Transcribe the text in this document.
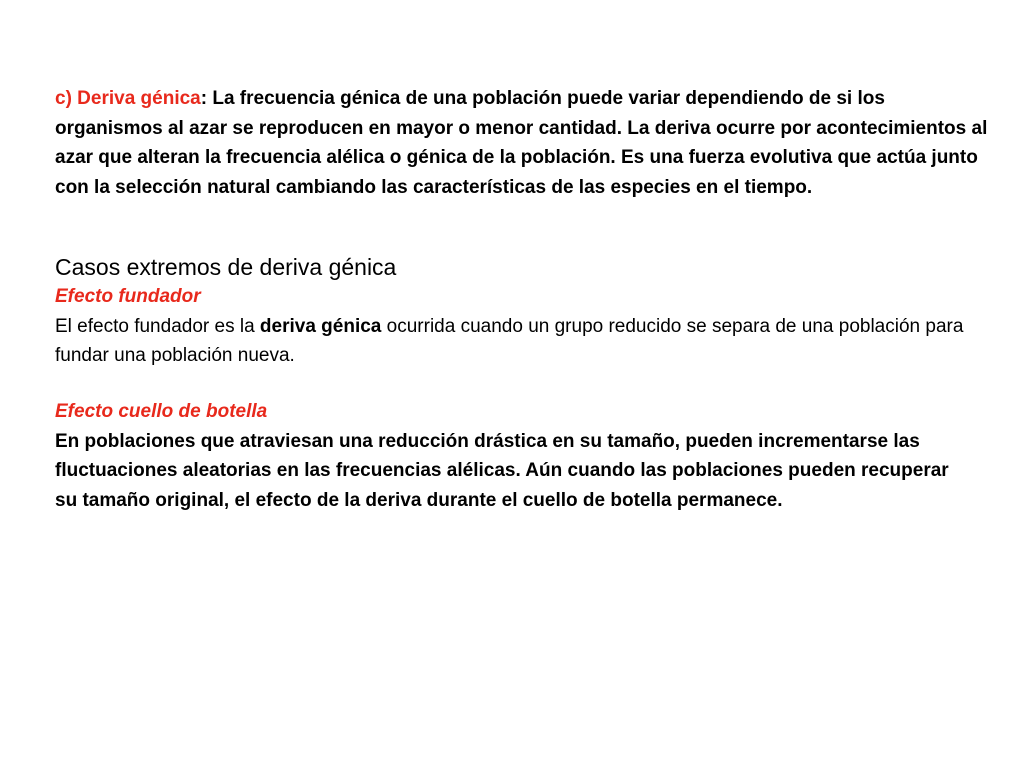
c) Deriva génica: La frecuencia génica de una población puede variar dependiendo de si los organismos al azar se reproducen en mayor o menor cantidad. La deriva ocurre por acontecimientos al azar que alteran la frecuencia alélica o génica de la población. Es una fuerza evolutiva que actúa junto con la selección natural cambiando las características de las especies en el tiempo.
Casos extremos de deriva génica
Efecto fundador
El efecto fundador es la deriva génica ocurrida cuando un grupo reducido se separa de una población para fundar una población nueva.
Efecto cuello de botella
En poblaciones que atraviesan una reducción drástica en su tamaño, pueden incrementarse las fluctuaciones aleatorias en las frecuencias alélicas. Aún cuando las poblaciones pueden recuperar su tamaño original, el efecto de la deriva durante el cuello de botella permanece.
